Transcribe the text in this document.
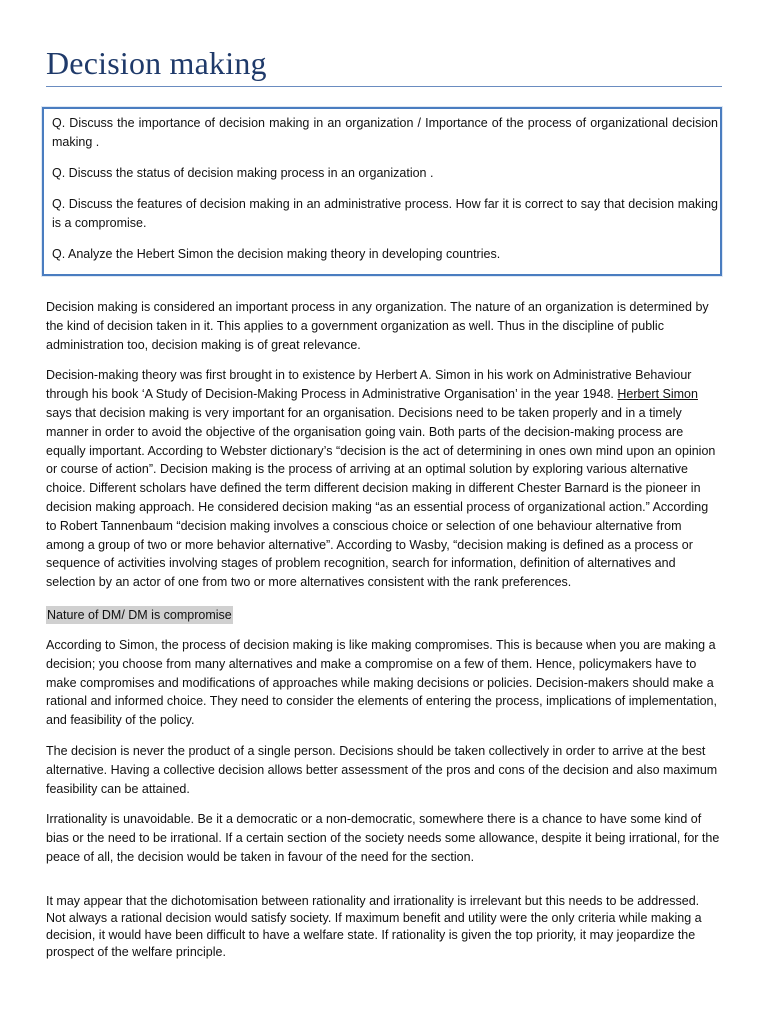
Decision making

Q. Discuss the importance of decision making in an organization / Importance of the process of organizational decision making .

Q. Discuss the status of decision making process in an organization .

Q. Discuss the features of decision making in an administrative process. How far it is correct to say that decision making is a compromise.

Q. Analyze the Hebert Simon the decision making theory in developing countries.

Decision making is considered an important process in any organization. The nature of an organization is determined by the kind of decision taken in it. This applies to a government organization as well. Thus in the discipline of public administration too, decision making is of great relevance.

Decision-making theory was first brought in to existence by Herbert A. Simon in his work on Administrative Behaviour through his book ‘A Study of Decision-Making Process in Administrative Organisation’ in the year 1948. Herbert Simon says that decision making is very important for an organisation. Decisions need to be taken properly and in a timely manner in order to avoid the objective of the organisation going vain. Both parts of the decision-making process are equally important. According to Webster dictionary’s “decision is the act of determining in ones own mind upon an opinion or course of action”. Decision making is the process of arriving at an optimal solution by exploring various alternative choice. Different scholars have defined the term different decision making in different Chester Barnard is the pioneer in decision making approach. He considered decision making “as an essential process of organizational action.” According to Robert Tannenbaum “decision making involves a conscious choice or selection of one behaviour alternative from among a group of two or more behavior alternative”. According to Wasby, “decision making is defined as a process or sequence of activities involving stages of problem recognition, search for information, definition of alternatives and selection by an actor of one from two or more alternatives consistent with the rank preferences.

Nature of DM/ DM is compromise

According to Simon, the process of decision making is like making compromises. This is because when you are making a decision; you choose from many alternatives and make a compromise on a few of them. Hence, policymakers have to make compromises and modifications of approaches while making decisions or policies. Decision-makers should make a rational and informed choice. They need to consider the elements of entering the process, implications of implementation, and feasibility of the policy.

The decision is never the product of a single person. Decisions should be taken collectively in order to arrive at the best alternative. Having a collective decision allows better assessment of the pros and cons of the decision and also maximum feasibility can be attained.

Irrationality is unavoidable. Be it a democratic or a non-democratic, somewhere there is a chance to have some kind of bias or the need to be irrational. If a certain section of the society needs some allowance, despite it being irrational, for the peace of all, the decision would be taken in favour of the need for the section.

It may appear that the dichotomisation between rationality and irrationality is irrelevant but this needs to be addressed. Not always a rational decision would satisfy society. If maximum benefit and utility were the only criteria while making a decision, it would have been difficult to have a welfare state. If rationality is given the top priority, it may jeopardize the prospect of the welfare principle.
